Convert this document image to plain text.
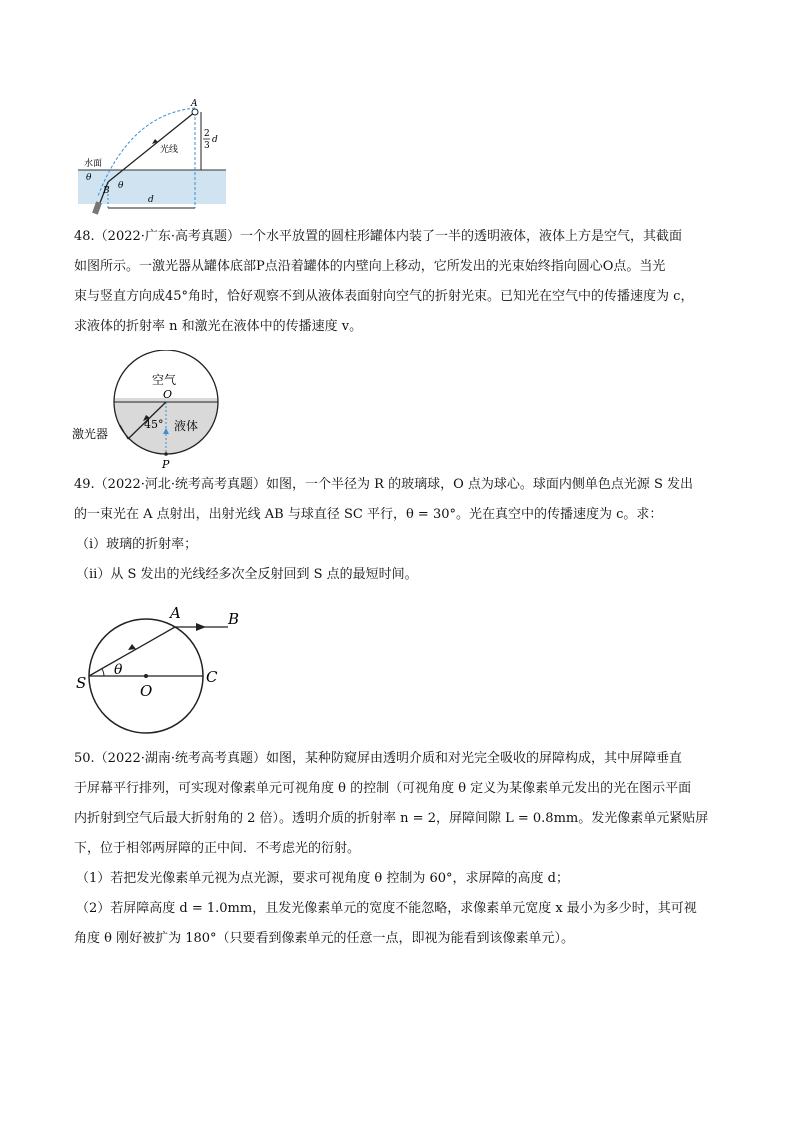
A
2
3
d
水面
光线
θ
θ
B
d

48.（2022·广东·高考真题）一个水平放置的圆柱形罐体内装了一半的透明液体，液体上方是空气，其截面

如图所示。一激光器从罐体底部P点沿着罐体的内壁向上移动，它所发出的光束始终指向圆心O点。当光

束与竖直方向成45°角时，恰好观察不到从液体表面射向空气的折射光束。已知光在空气中的传播速度为 c，

求液体的折射率 n 和激光在液体中的传播速度 v。

空气
O
45° 液体
激光器
P

49.（2022·河北·统考高考真题）如图，一个半径为 R 的玻璃球，O 点为球心。球面内侧单色点光源 S 发出

的一束光在 A 点射出，出射光线 AB 与球直径 SC 平行，θ = 30°。光在真空中的传播速度为 c。求：

（i）玻璃的折射率；

（ii）从 S 发出的光线经多次全反射回到 S 点的最短时间。

A	B
S	O
C
θ

50.（2022·湖南·统考高考真题）如图，某种防窥屏由透明介质和对光完全吸收的屏障构成，其中屏障垂直

于屏幕平行排列，可实现对像素单元可视角度 θ 的控制（可视角度 θ 定义为某像素单元发出的光在图示平面

内折射到空气后最大折射角的 2 倍）。透明介质的折射率 n = 2，屏障间隙 L = 0.8mm。发光像素单元紧贴屏

下，位于相邻两屏障的正中间．不考虑光的衍射。

（1）若把发光像素单元视为点光源，要求可视角度 θ 控制为 60°，求屏障的高度 d；

（2）若屏障高度 d = 1.0mm，且发光像素单元的宽度不能忽略，求像素单元宽度 x 最小为多少时，其可视

角度 θ 刚好被扩为 180°（只要看到像素单元的任意一点，即视为能看到该像素单元）。
